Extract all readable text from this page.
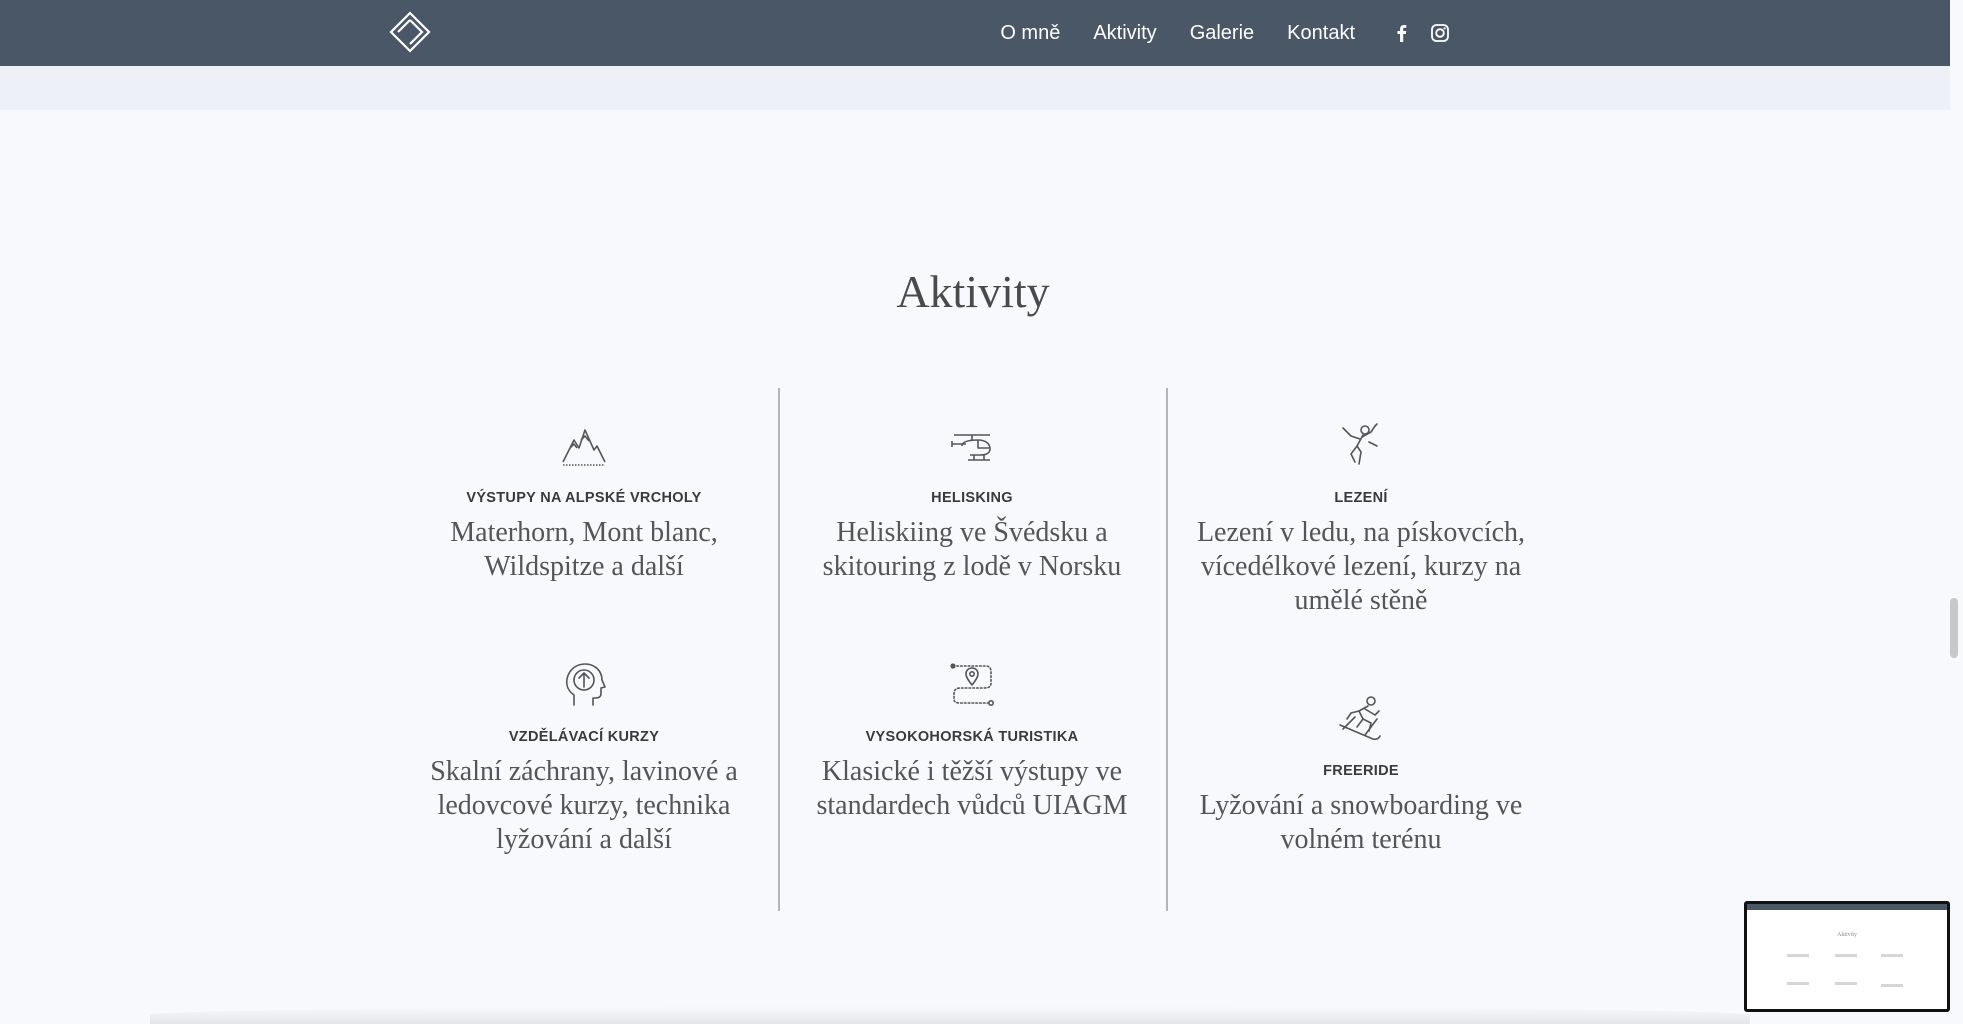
O mně Aktivity Galerie Kontakt
Aktivity
VÝSTUPY NA ALPSKÉ VRCHOLY
Materhorn, Mont blanc, Wildspitze a další
HELISKING
Heliskiing ve Švédsku a skitouring z lodě v Norsku
LEZENÍ
Lezení v ledu, na pískovcích, vícedélkové lezení, kurzy na umělé stěně
VZDĚLÁVACÍ KURZY
Skalní záchrany, lavinové a ledovcové kurzy, technika lyžování a další
VYSOKOHORSKÁ TURISTIKA
Klasické i těžší výstupy ve standardech vůdců UIAGM
FREERIDE
Lyžování a snowboarding ve volném terénu
Aktivity
